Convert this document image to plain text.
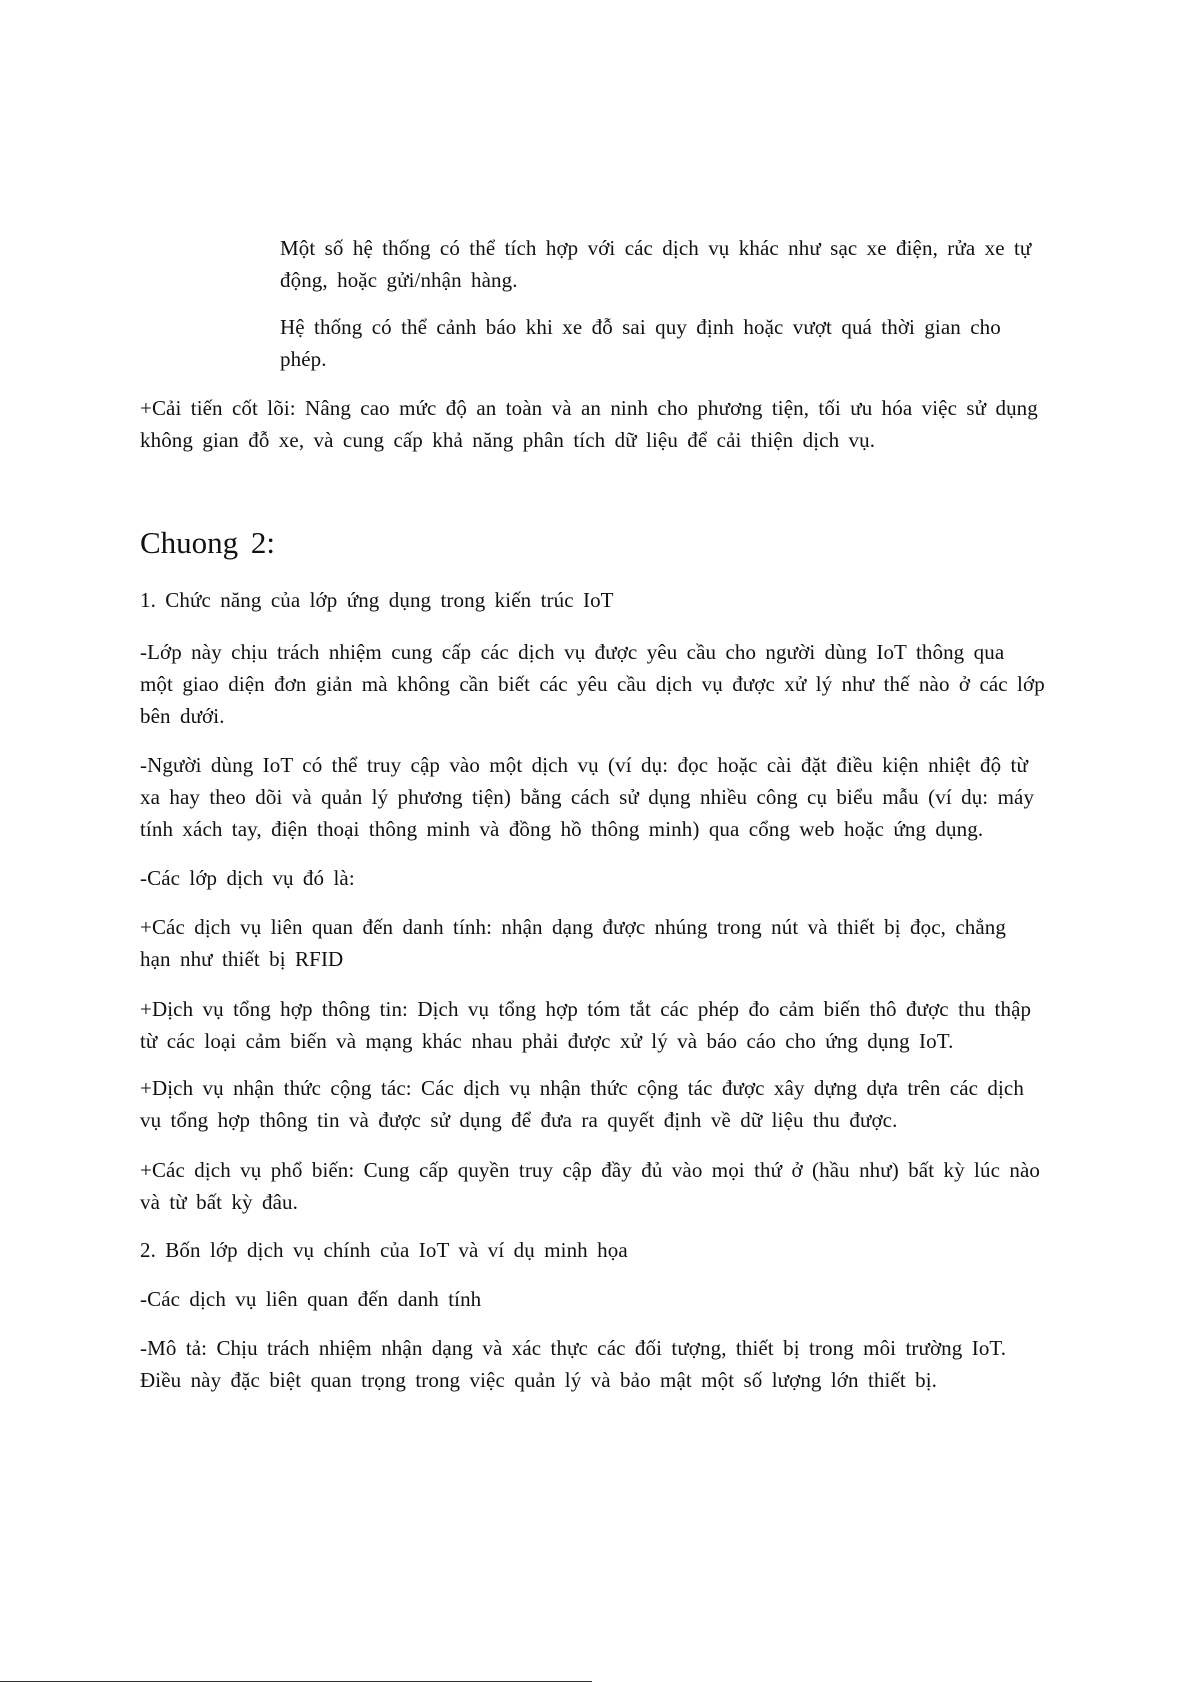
Một số hệ thống có thể tích hợp với các dịch vụ khác như sạc xe điện, rửa xe tự
động, hoặc gửi/nhận hàng.

Hệ thống có thể cảnh báo khi xe đỗ sai quy định hoặc vượt quá thời gian cho
phép.

+Cải tiến cốt lõi: Nâng cao mức độ an toàn và an ninh cho phương tiện, tối ưu hóa việc sử dụng
không gian đỗ xe, và cung cấp khả năng phân tích dữ liệu để cải thiện dịch vụ.

Chuong 2:

1. Chức năng của lớp ứng dụng trong kiến trúc IoT

-Lớp này chịu trách nhiệm cung cấp các dịch vụ được yêu cầu cho người dùng IoT thông qua
một giao diện đơn giản mà không cần biết các yêu cầu dịch vụ được xử lý như thế nào ở các lớp
bên dưới.

-Người dùng IoT có thể truy cập vào một dịch vụ (ví dụ: đọc hoặc cài đặt điều kiện nhiệt độ từ
xa hay theo dõi và quản lý phương tiện) bằng cách sử dụng nhiều công cụ biểu mẫu (ví dụ: máy
tính xách tay, điện thoại thông minh và đồng hồ thông minh) qua cổng web hoặc ứng dụng.

-Các lớp dịch vụ đó là:

+Các dịch vụ liên quan đến danh tính: nhận dạng được nhúng trong nút và thiết bị đọc, chẳng
hạn như thiết bị RFID

+Dịch vụ tổng hợp thông tin: Dịch vụ tổng hợp tóm tắt các phép đo cảm biến thô được thu thập
từ các loại cảm biến và mạng khác nhau phải được xử lý và báo cáo cho ứng dụng IoT.

+Dịch vụ nhận thức cộng tác: Các dịch vụ nhận thức cộng tác được xây dựng dựa trên các dịch
vụ tổng hợp thông tin và được sử dụng để đưa ra quyết định về dữ liệu thu được.

+Các dịch vụ phổ biến: Cung cấp quyền truy cập đầy đủ vào mọi thứ ở (hầu như) bất kỳ lúc nào
và từ bất kỳ đâu.

2. Bốn lớp dịch vụ chính của IoT và ví dụ minh họa

-Các dịch vụ liên quan đến danh tính

-Mô tả: Chịu trách nhiệm nhận dạng và xác thực các đối tượng, thiết bị trong môi trường IoT.
Điều này đặc biệt quan trọng trong việc quản lý và bảo mật một số lượng lớn thiết bị.
